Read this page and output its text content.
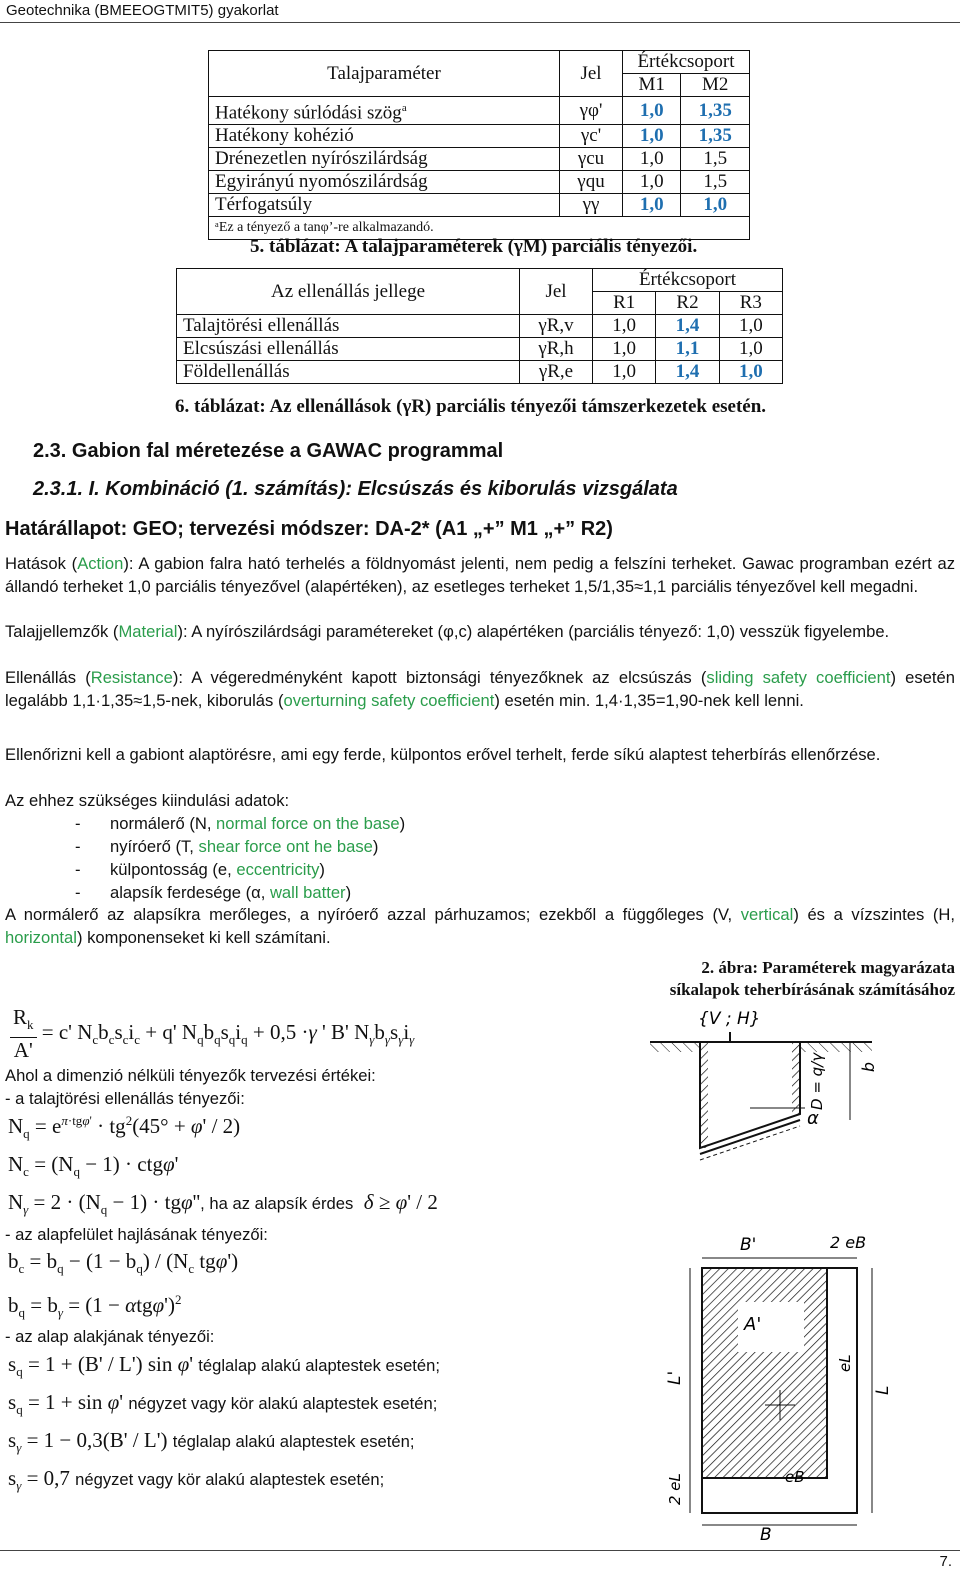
Geotechnika (BMEEOGTMIT5) gyakorlat
Talajparaméter	Jel	Értékcsoport	
		M1	M2
Hatékony súrlódási szög$^a$	γφ'	1,0	1,35
Hatékony kohézió	γc'	1,0	1,35
Drénezetlen nyírószilárdság	γcu	1,0	1,5
Egyirányú nyomószilárdság	γqu	1,0	1,5
Térfogatsúly	γγ	1,0	1,0
ᵃEz a tényező a tanφ’-re alkalmazandó.			
5. táblázat: A talajparaméterek (γM) parciális tényezői.
Az ellenállás jellege	Jel	Értékcsoport		
		R1	R2	R3
Talajtörési ellenállás	γR,v	1,0	1,4	1,0
Elcsúszási ellenállás	γR,h	1,0	1,1	1,0
Földellenállás	γR,e	1,0	1,4	1,0
6. táblázat: Az ellenállások (γR) parciális tényezői támszerkezetek esetén.
2.3. Gabion fal méretezése a GAWAC programmal
2.3.1. I. Kombináció (1. számítás): Elcsúszás és kiborulás vizsgálata
Határállapot: GEO; tervezési módszer: DA-2* (A1 „+” M1 „+” R2)
Hatások (Action): A gabion falra ható terhelés a földnyomást jelenti, nem pedig a felszíni terheket. Gawac programban ezért az állandó terheket 1,0 parciális tényezővel (alapértéken), az esetleges terheket 1,5/1,35≈1,1 parciális tényezővel kell megadni.
Talajjellemzők (Material): A nyírószilárdsági paramétereket (φ,c) alapértéken (parciális tényező: 1,0) vesszük figyelembe.
Ellenállás (Resistance): A végeredményként kapott biztonsági tényezőknek az elcsúszás (sliding safety coefficient) esetén legalább 1,1·1,35≈1,5-nek, kiborulás (overturning safety coefficient) esetén min. 1,4·1,35=1,90-nek kell lenni.
Ellenőrizni kell a gabiont alaptörésre, ami egy ferde, külpontos erővel terhelt, ferde síkú alaptest teherbírás ellenőrzése.
Az ehhez szükséges kiindulási adatok:
- normálerő (N, normal force on the base)
- nyíróerő (T, shear force ont he base)
- külpontosság (e, eccentricity)
- alapsík ferdesége (α, wall batter)
A normálerő az alapsíkra merőleges, a nyíróerő azzal párhuzamos; ezekből a függőleges (V, vertical) és a vízszintes (H, horizontal) komponenseket ki kell számítani.
2. ábra: Paraméterek magyarázata
síkalapok teherbírásának számításához
$\frac{R_k}{A'} = c'$ $N_cb_cs_ci_c + q'$ $N_qb_qs_qi_q + 0,5 \cdot\gamma$ ' B' $N_\gamma b_\gamma s_\gamma i_\gamma$
Ahol a dimenzió nélküli tényezők tervezési értékei:
- a talajtörési ellenállás tényezői:
$N_q = e^{\pi\cdot tg\varphi'} \cdot tg^2(45^\circ + \varphi' / 2)$
$N_c = (N_q - 1) \cdot ctg\varphi'$
$N_\gamma = 2 \cdot (N_q - 1) \cdot tg\varphi''$, ha az alapsík érdes δ ≥ φ' / 2
- az alapfelület hajlásának tényezői:
$b_c = b_q - (1 - b_q) / (N_c$ tgφ')
$b_q = b_\gamma = (1 - \alpha tg\varphi')^2$
- az alap alakjának tényezői:
$s_q = 1 + (B' / L')$ sin φ' téglalap alakú alaptestek esetén;
$s_q = 1 + \sin \varphi'$ négyzet vagy kör alakú alaptestek esetén;
$s_\gamma = 1 - 0,3(B' / L')$ téglalap alakú alaptestek esetén;
$s_\gamma = 0,7$ négyzet vagy kör alakú alaptestek esetén;
{V ; H}
α
q
D = q/γ
A'
B'	2 eB
L'
2 eL
eL
eB
L
B
7.
